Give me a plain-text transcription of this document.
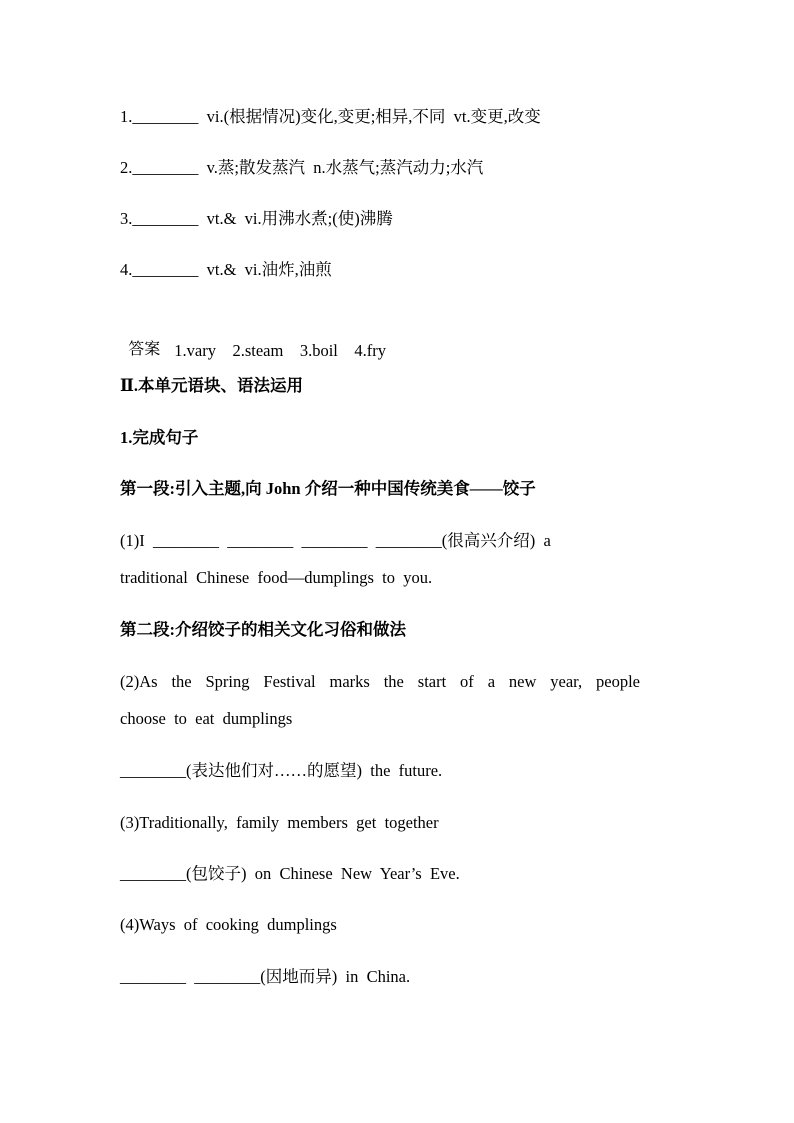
1.________  vi.(根据情况)变化,变更;相异,不同  vt.变更,改变
2.________  v.蒸;散发蒸汽  n.水蒸气;蒸汽动力;水汽
3.________  vt.&  vi.用沸水煮;(使)沸腾
4.________  vt.&  vi.油炸,油煎

答案 1.vary    2.steam    3.boil    4.fry

Ⅱ.本单元语块、语法运用
1.完成句子
第一段:引入主题,向 John 介绍一种中国传统美食——饺子
(1)I  ________  ________  ________  ________(很高兴介绍)  a
traditional  Chinese  food—dumplings  to  you.
第二段:介绍饺子的相关文化习俗和做法
(2)As the Spring Festival marks the start of a new year, people
choose  to  eat  dumplings
________(表达他们对……的愿望)  the  future.
(3)Traditionally,  family  members  get  together
________(包饺子)  on  Chinese  New  Year’s  Eve.
(4)Ways  of  cooking  dumplings
________  ________(因地而异)  in  China.
